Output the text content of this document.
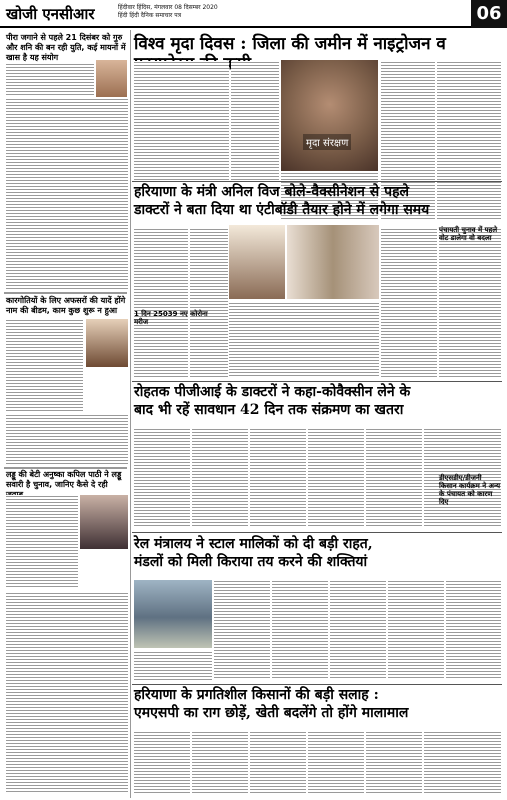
खोजी एनसीआर	हिंदीवार हिंदिस, मंगलवार 08 दिसम्बर 2020
हिंदी हिंदी दैनिक समाचार पत्र	06
पीरा जगाने से पहले 21 दिसंबर को गुरु और शनि की बन रही युति, कई मायनों में खास है यह संयोग
कारगोतियों के लिए अफसरों की यादें होंगे नाम की बीडम, काम कुछ शुरू न हुआ
लड्डू की बेटी अनुष्का कपिल पाठी ने लड्डू सवारी है चुनाव, जानिए कैसे दे रही
विश्व मृदा दिवस : जिला की जमीन में नाइट्रोजन व
मृदा संरक्षण
हरियाणा के मंत्री अनिल विज बोले-वैक्सीनेशन से पहले
डाक्टरों ने बता दिया था एंटीबॉडी तैयार होने में लगेगा समय
1 दिन 25039 नए कोरोना मरीज
रोहतक पीजीआई के डाक्टरों ने कहा-कोवैक्सीन लेने के
बाद भी रहें सावधान 42 दिन तक संक्रमण का खतरा
रेल मंत्रालय ने स्टाल मालिकों को दी बड़ी राहत,
मंडलों को मिली किराया तय करने की शक्तियां
हरियाणा के प्रगतिशील किसानों की बड़ी सलाह :
एमएसपी का राग छोड़ें, खेती बदलेंगे तो होंगे मालामाल
पंचायती चुनाव में पहले वोट डालेगा वो बदला
डीएसडीए/डीजनी किसान कार्यक्रम ने अन्य के पंचायत को कारण दिए
